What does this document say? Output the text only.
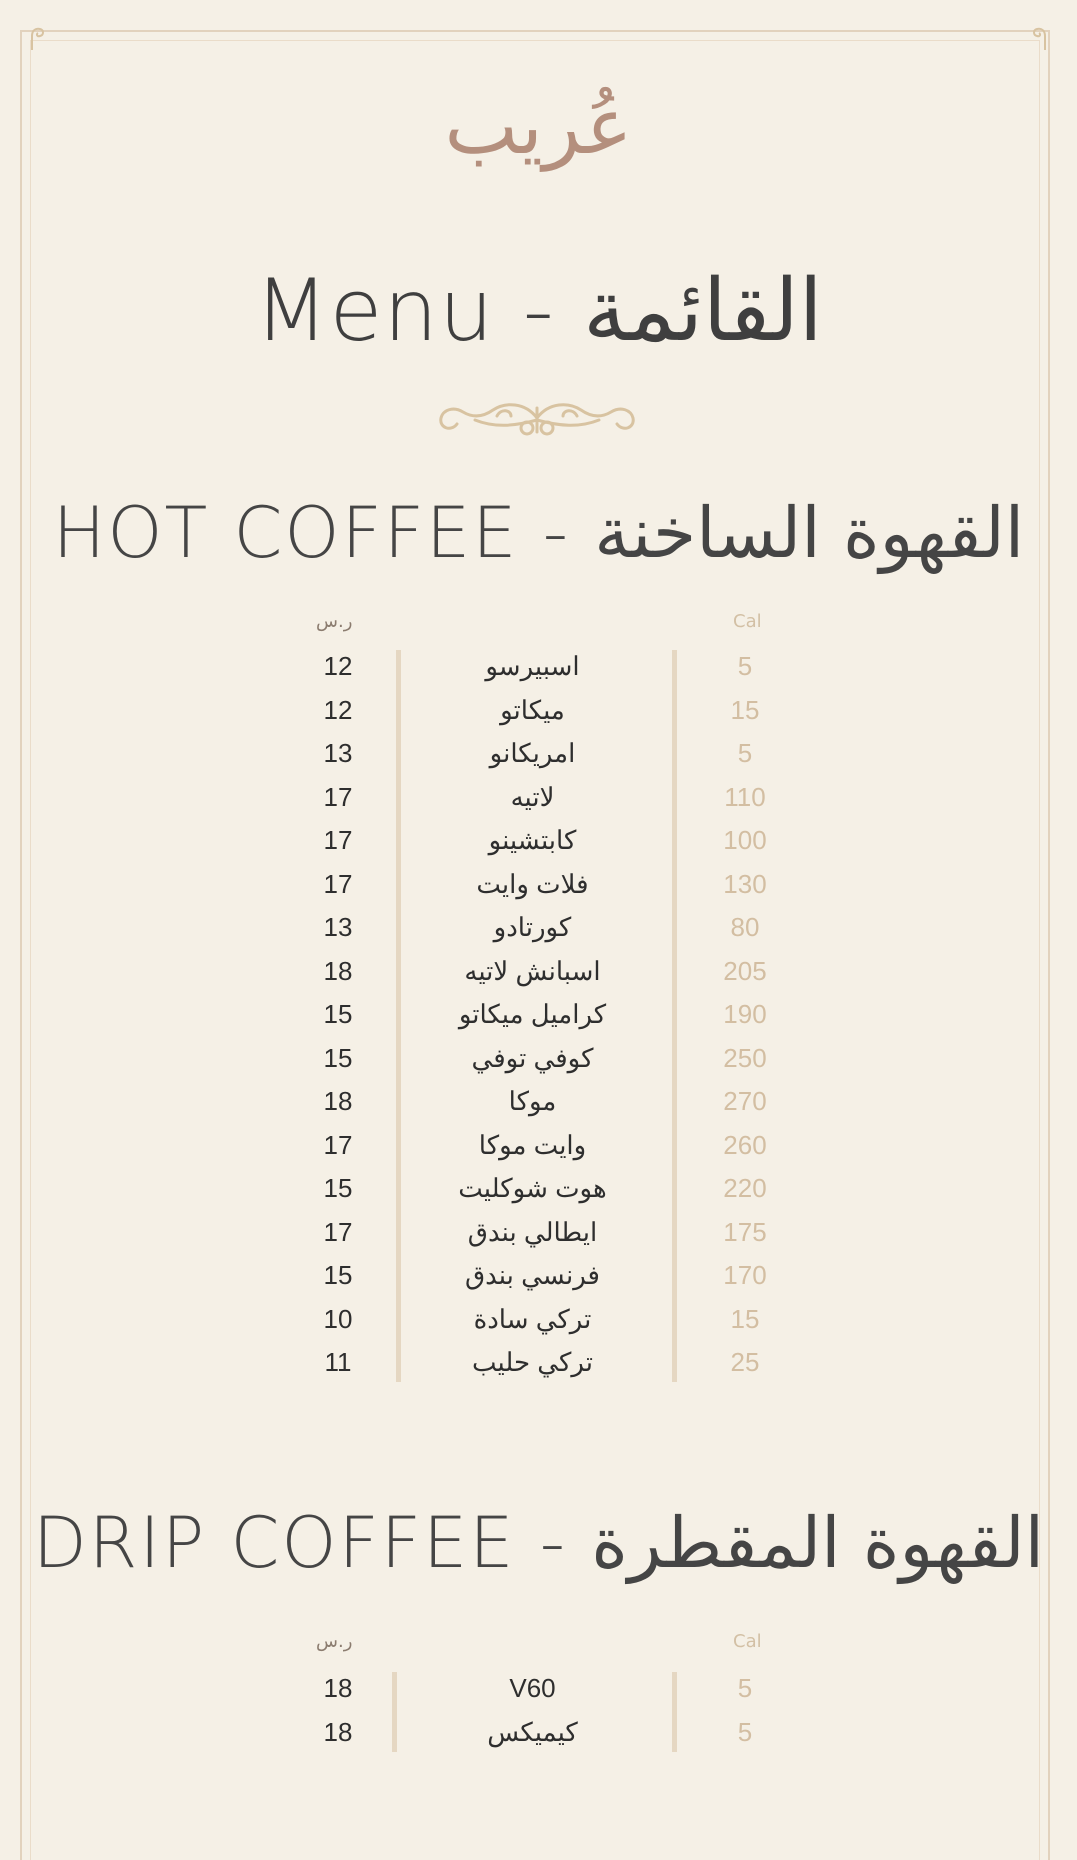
عُريب
Menu - القائمة
HOT COFFEE - القهوة الساخنة
ر.س	Cal
12	اسبيرسو	5
12	ميكاتو	15
13	امريكانو	5
17	لاتيه	110
17	كابتشينو	100
17	فلات وايت	130
13	كورتادو	80
18	اسبانش لاتيه	205
15	كراميل ميكاتو	190
15	كوفي توفي	250
18	موكا	270
17	وايت موكا	260
15	هوت شوكليت	220
17	ايطالي بندق	175
15	فرنسي بندق	170
10	تركي سادة	15
11	تركي حليب	25
DRIP COFFEE - القهوة المقطرة
ر.س	Cal
18	V60	5
18	كيميكس	5
